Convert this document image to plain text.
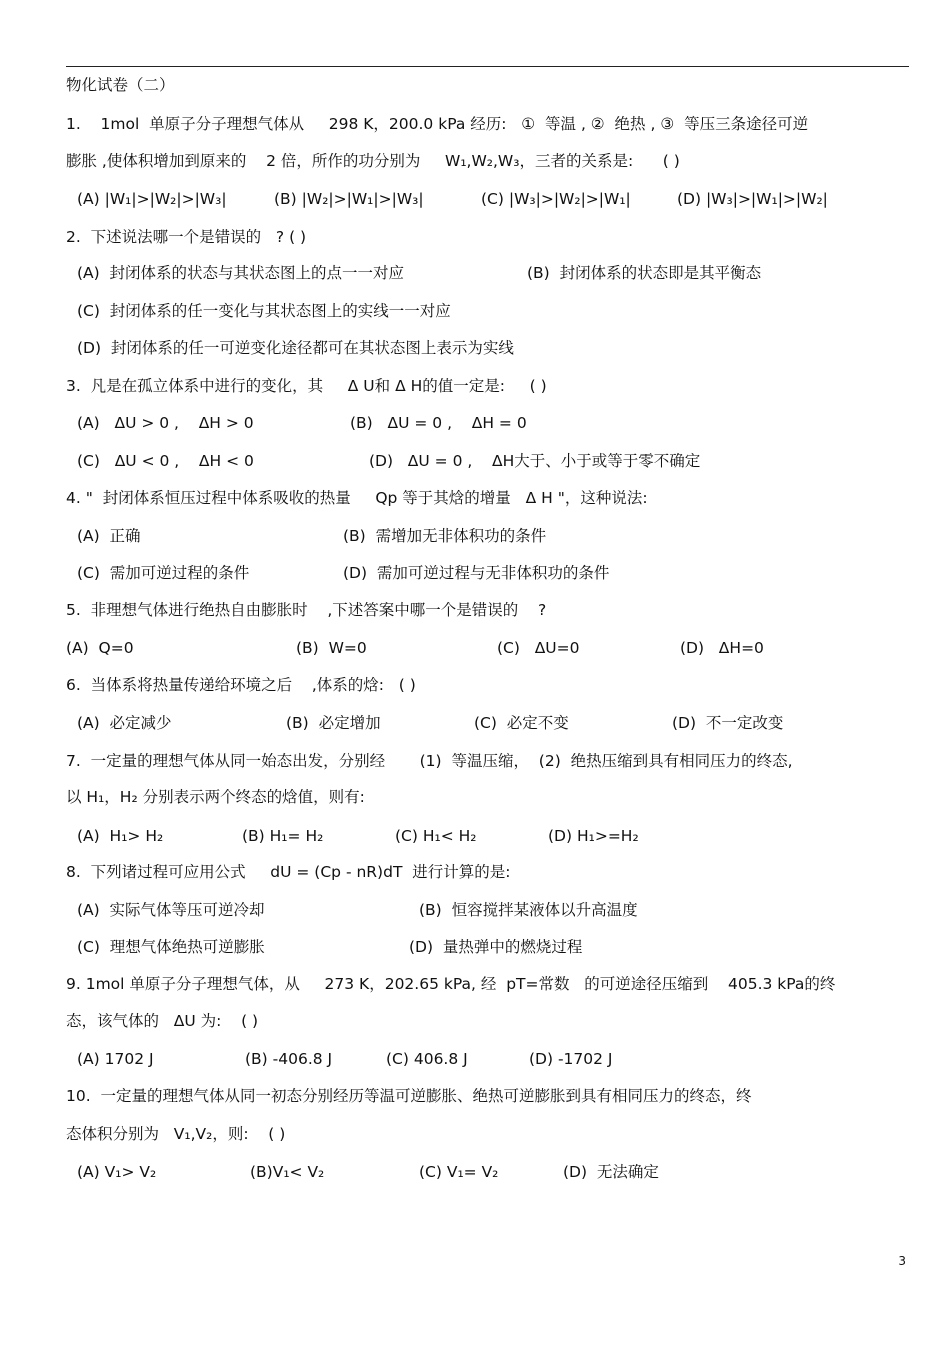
物化试卷（二）
1.    1mol  单原子分子理想气体从     298 K，200.0 kPa 经历:   ①  等温 , ②  绝热 , ③  等压三条途径可逆
膨胀 ,使体积增加到原来的    2 倍，所作的功分别为     W₁,W₂,W₃，三者的关系是:      ( )
(A) |W₁|>|W₂|>|W₃|	(B) |W₂|>|W₁|>|W₃|	(C) |W₃|>|W₂|>|W₁|	(D) |W₃|>|W₁|>|W₂|
2.  下述说法哪一个是错误的   ? ( )
(A)  封闭体系的状态与其状态图上的点一一对应	(B)  封闭体系的状态即是其平衡态
(C)  封闭体系的任一变化与其状态图上的实线一一对应
(D)  封闭体系的任一可逆变化途径都可在其状态图上表示为实线
3.  凡是在孤立体系中进行的变化，其     Δ U和 Δ H的值一定是:     ( )
(A)   ΔU > 0 ,    ΔH > 0	(B)   ΔU = 0 ,    ΔH = 0
(C)   ΔU < 0 ,    ΔH < 0	(D)   ΔU = 0 ,    ΔH大于、小于或等于零不确定
4. "  封闭体系恒压过程中体系吸收的热量     Qp 等于其焓的增量   Δ H "，这种说法:
(A)  正确	(B)  需增加无非体积功的条件
(C)  需加可逆过程的条件	(D)  需加可逆过程与无非体积功的条件
5.  非理想气体进行绝热自由膨胀时    ,下述答案中哪一个是错误的    ?
(A)  Q=0	(B)  W=0	(C)   ΔU=0	(D)   ΔH=0
6.  当体系将热量传递给环境之后    ,体系的焓:   ( )
(A)  必定减少	(B)  必定增加	(C)  必定不变	(D)  不一定改变
7.  一定量的理想气体从同一始态出发，分别经       (1)  等温压缩，  (2)  绝热压缩到具有相同压力的终态,
以 H₁，H₂ 分别表示两个终态的焓值，则有:
(A)  H₁> H₂	(B) H₁= H₂	(C) H₁< H₂	(D) H₁>=H₂
8.  下列诸过程可应用公式     dU = (Cp - nR)dT  进行计算的是:
(A)  实际气体等压可逆冷却	(B)  恒容搅拌某液体以升高温度
(C)  理想气体绝热可逆膨胀	(D)  量热弹中的燃烧过程
9. 1mol 单原子分子理想气体，从     273 K，202.65 kPa, 经  pT=常数   的可逆途径压缩到    405.3 kPa的终
态，该气体的   ΔU 为:    ( )
(A) 1702 J	(B) -406.8 J	(C) 406.8 J	(D) -1702 J
10.  一定量的理想气体从同一初态分别经历等温可逆膨胀、绝热可逆膨胀到具有相同压力的终态，终
态体积分别为   V₁,V₂，则:    ( )
(A) V₁> V₂	(B)V₁< V₂	(C) V₁= V₂	(D)  无法确定
3
